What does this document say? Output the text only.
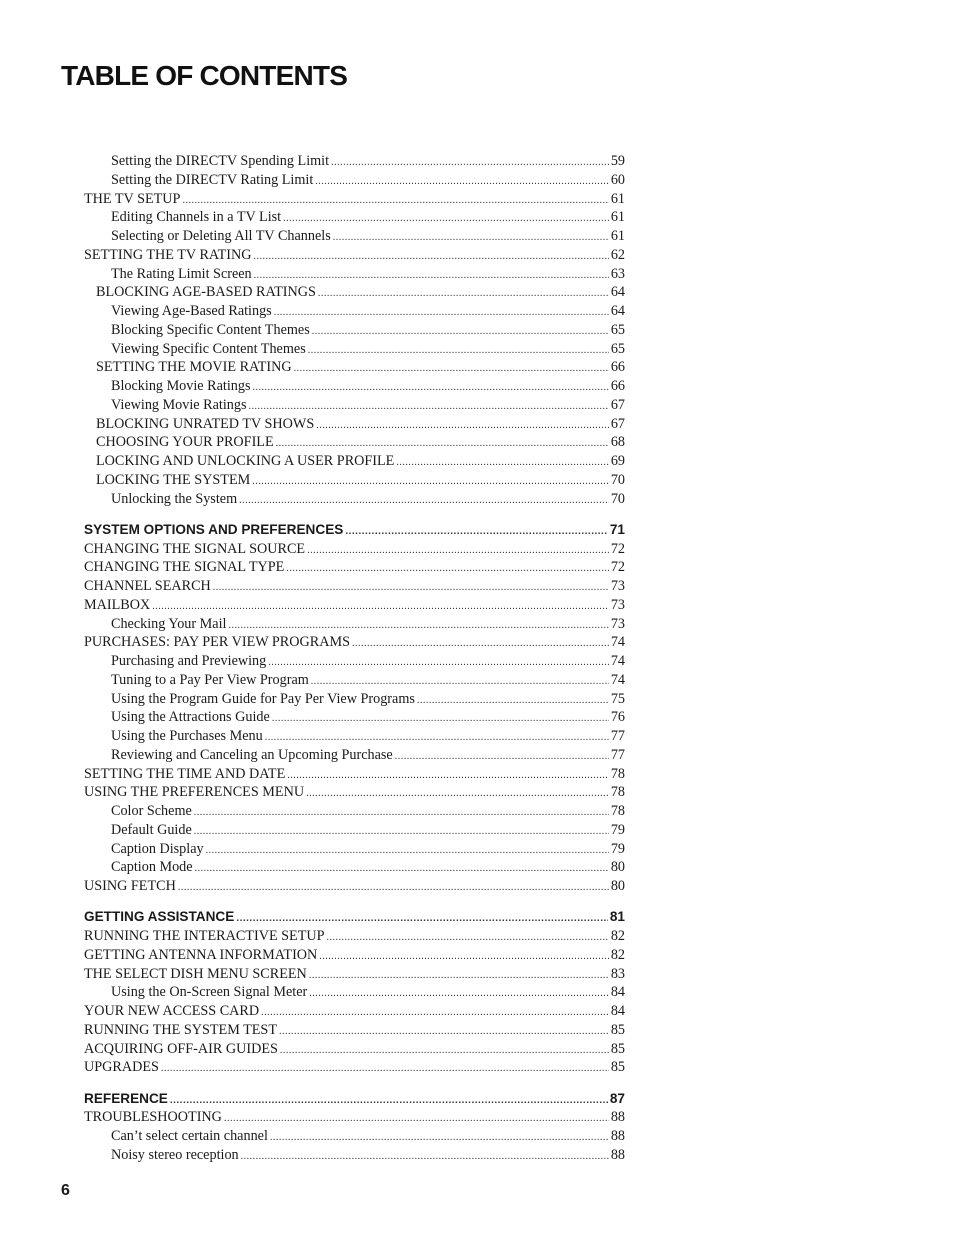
TABLE OF CONTENTS
Setting the DIRECTV Spending Limit .....	59
Setting the DIRECTV Rating Limit .....	60
THE TV SETUP .....	61
Editing Channels in a TV List .....	61
Selecting or Deleting All TV Channels .....	61
SETTING THE TV RATING .....	62
The Rating Limit Screen .....	63
BLOCKING AGE-BASED RATINGS .....	64
Viewing Age-Based Ratings .....	64
Blocking Specific Content Themes .....	65
Viewing Specific Content Themes .....	65
SETTING THE MOVIE RATING .....	66
Blocking Movie Ratings .....	66
Viewing Movie Ratings .....	67
BLOCKING UNRATED TV SHOWS .....	67
CHOOSING YOUR PROFILE .....	68
LOCKING AND UNLOCKING A USER PROFILE .....	69
LOCKING THE SYSTEM .....	70
Unlocking the System .....	70
SYSTEM OPTIONS AND PREFERENCES .....	71
CHANGING THE SIGNAL SOURCE .....	72
CHANGING THE SIGNAL TYPE .....	72
CHANNEL SEARCH .....	73
MAILBOX .....	73
Checking Your Mail .....	73
PURCHASES: PAY PER VIEW PROGRAMS .....	74
Purchasing and Previewing .....	74
Tuning to a Pay Per View Program .....	74
Using the Program Guide for Pay Per View Programs .....	75
Using the Attractions Guide .....	76
Using the Purchases Menu .....	77
Reviewing and Canceling an Upcoming Purchase .....	77
SETTING THE TIME AND DATE .....	78
USING THE PREFERENCES MENU .....	78
Color Scheme .....	78
Default Guide .....	79
Caption Display .....	79
Caption Mode .....	80
USING FETCH .....	80
GETTING ASSISTANCE .....	81
RUNNING THE INTERACTIVE SETUP .....	82
GETTING ANTENNA INFORMATION .....	82
THE SELECT DISH MENU SCREEN .....	83
Using the On-Screen Signal Meter .....	84
YOUR NEW ACCESS CARD .....	84
RUNNING THE SYSTEM TEST .....	85
ACQUIRING OFF-AIR GUIDES .....	85
UPGRADES .....	85
REFERENCE .....	87
TROUBLESHOOTING .....	88
Can’t select certain channel .....	88
Noisy stereo reception .....	88
6
